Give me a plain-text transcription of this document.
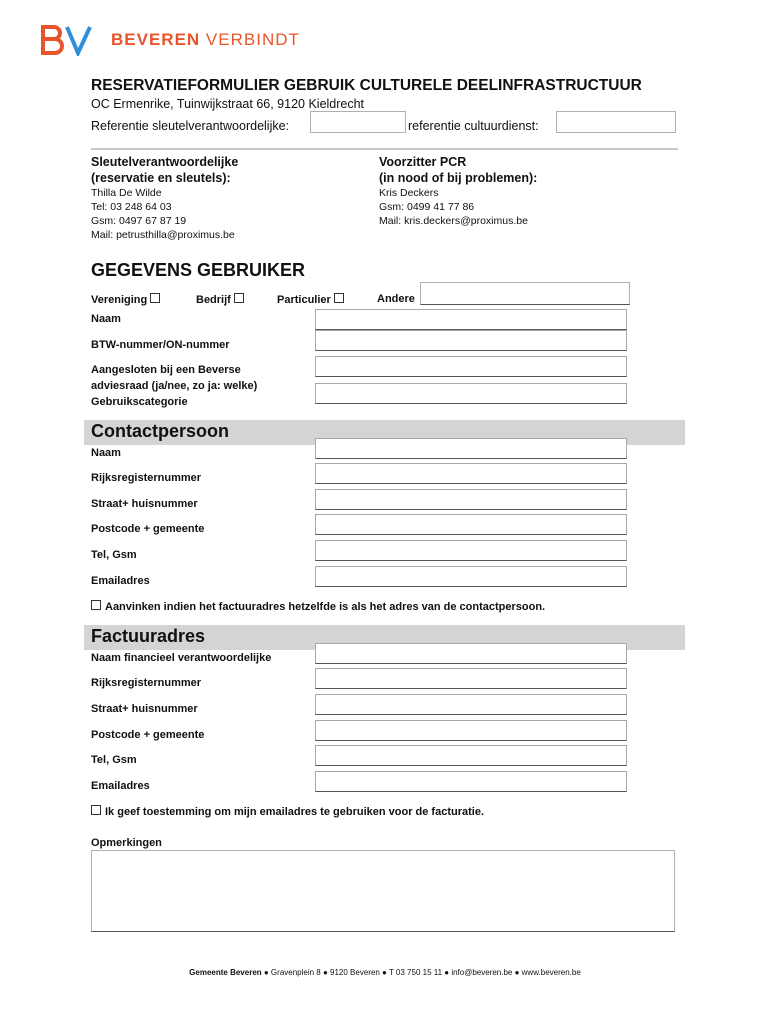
BEVEREN VERBINDT
RESERVATIEFORMULIER GEBRUIK CULTURELE DEELINFRASTRUCTUUR
OC Ermenrike, Tuinwijkstraat 66, 9120 Kieldrecht
Referentie sleutelverantwoordelijke:	referentie cultuurdienst:
Sleutelverantwoordelijke
(reservatie en sleutels):
Thilla De Wilde
Tel: 03 248 64 03
Gsm: 0497 67 87 19
Mail: petrusthilla@proximus.be
Voorzitter PCR
(in nood of bij problemen):
Kris Deckers
Gsm: 0499 41 77 86
Mail: kris.deckers@proximus.be
GEGEVENS GEBRUIKER
Vereniging	Bedrijf	Particulier	Andere
Naam
BTW-nummer/ON-nummer
Aangesloten bij een Beverse
adviesraad (ja/nee, zo ja: welke)
Gebruikscategorie
Contactpersoon
Naam
Rijksregisternummer
Straat+ huisnummer
Postcode + gemeente
Tel, Gsm
Emailadres
Aanvinken indien het factuuradres hetzelfde is als het adres van de contactpersoon.
Factuuradres
Naam financieel verantwoordelijke
Rijksregisternummer
Straat+ huisnummer
Postcode + gemeente
Tel, Gsm
Emailadres
Ik geef toestemming om mijn emailadres te gebruiken voor de facturatie.
Opmerkingen
Gemeente Beveren ● Gravenplein 8 ● 9120 Beveren ● T 03 750 15 11 ● info@beveren.be ● www.beveren.be
